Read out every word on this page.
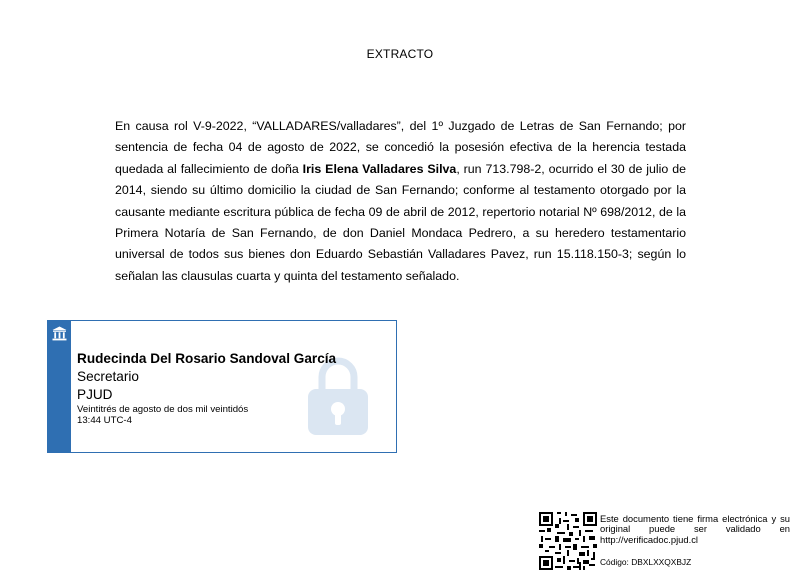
EXTRACTO
En causa rol V-9-2022, “VALLADARES/valladares”, del 1º Juzgado de Letras de San Fernando; por sentencia de fecha 04 de agosto de 2022, se concedió la posesión efectiva de la herencia testada quedada al fallecimiento de doña Iris Elena Valladares Silva, run 713.798-2, ocurrido el 30 de julio de 2014, siendo su último domicilio la ciudad de San Fernando; conforme al testamento otorgado por la causante mediante escritura pública de fecha 09 de abril de 2012, repertorio notarial Nº 698/2012, de la Primera Notaría de San Fernando, de don Daniel Mondaca Pedrero, a su heredero testamentario universal de todos sus bienes don Eduardo Sebastián Valladares Pavez, run 15.118.150-3; según lo señalan las clausulas cuarta y quinta del testamento señalado.
Rudecinda Del Rosario Sandoval García
Secretario
PJUD
Veintitrés de agosto de dos mil veintidós
13:44 UTC-4
Este documento tiene firma electrónica y su original puede ser validado en http://verificadoc.pjud.cl
Código: DBXLXXQXBJZ
